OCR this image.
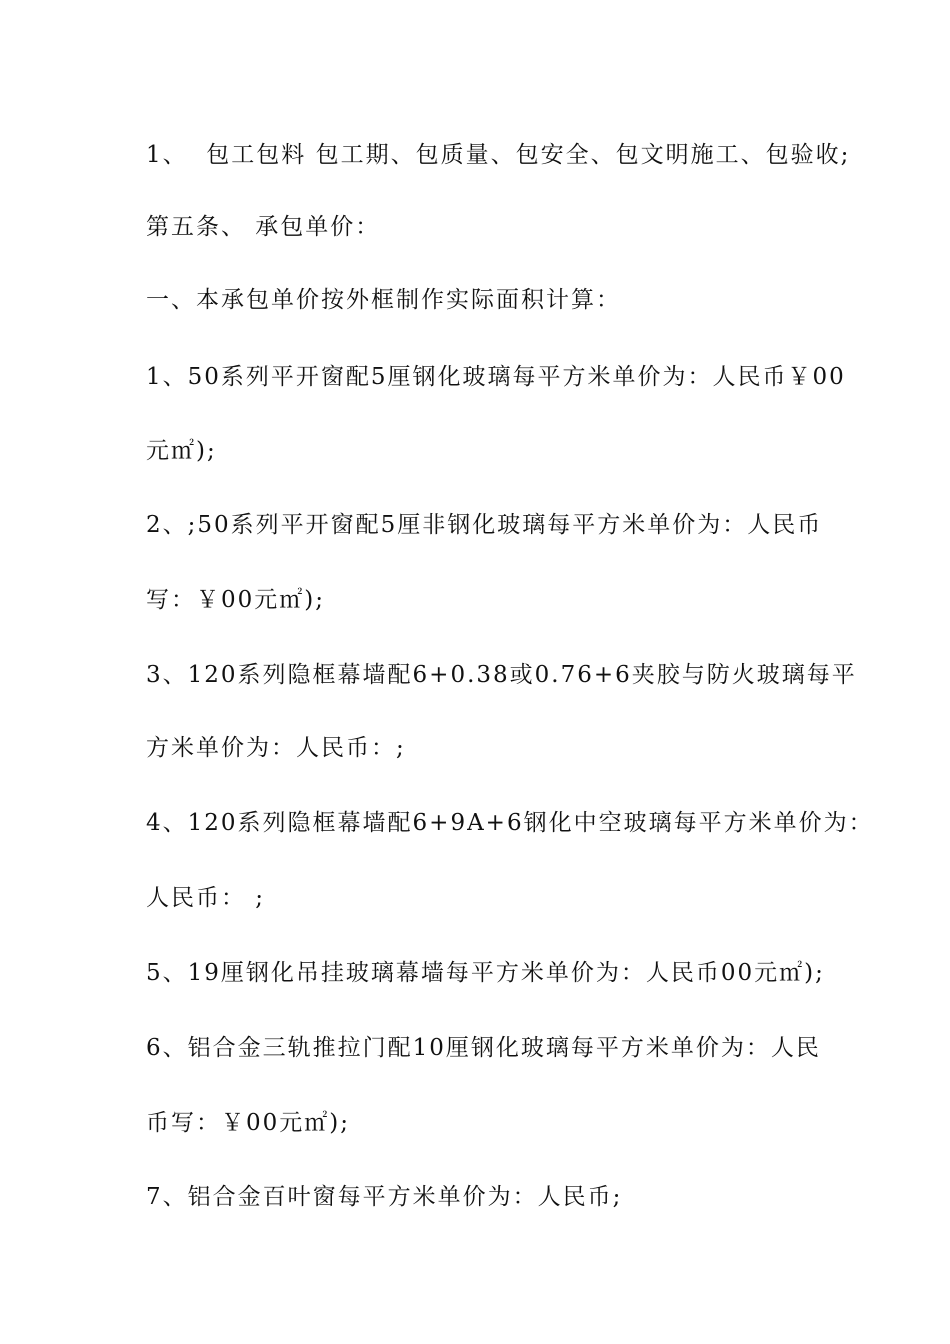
1、  包工包料 包工期、包质量、包安全、包文明施工、包验收;
第五条、 承包单价：
一、本承包单价按外框制作实际面积计算：
1、50系列平开窗配5厘钢化玻璃每平方米单价为：人民币￥00
元㎡);
2、;50系列平开窗配5厘非钢化玻璃每平方米单价为：人民币
写：￥00元㎡);
3、120系列隐框幕墙配6+0.38或0.76+6夹胶与防火玻璃每平
方米单价为：人民币：;
4、120系列隐框幕墙配6+9A+6钢化中空玻璃每平方米单价为：
人民币： ;
5、19厘钢化吊挂玻璃幕墙每平方米单价为：人民币00元㎡);
6、铝合金三轨推拉门配10厘钢化玻璃每平方米单价为：人民
币写：￥00元㎡);
7、铝合金百叶窗每平方米单价为：人民币;
